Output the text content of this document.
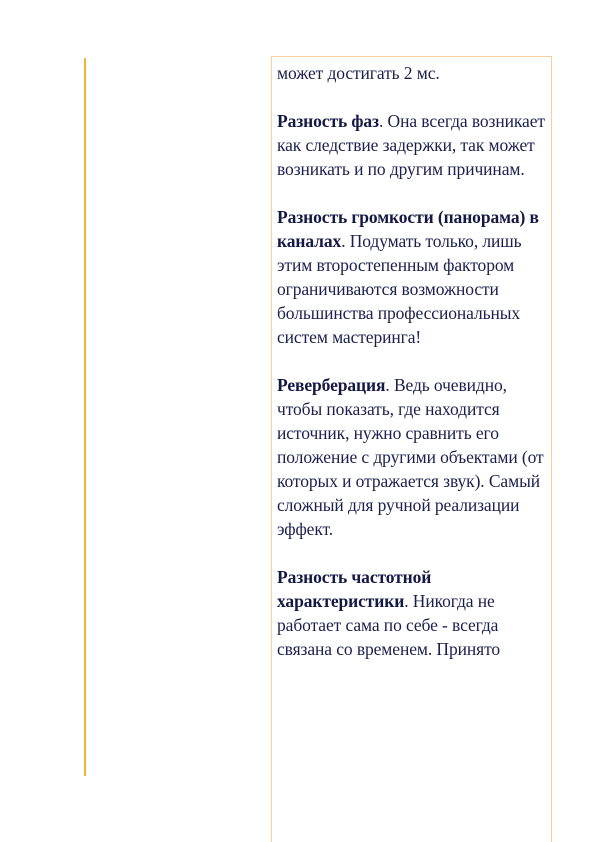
может достигать 2 мс.

Разность фаз. Она всегда возникает как следствие задержки, так может возникать и по другим причинам.

Разность громкости (панорама) в каналах. Подумать только, лишь этим второстепенным фактором ограничиваются возможности большинства профессиональных систем мастеринга!

Реверберация. Ведь очевидно, чтобы показать, где находится источник, нужно сравнить его положение с другими объектами (от которых и отражается звук). Самый сложный для ручной реализации эффект.

Разность частотной характеристики. Никогда не работает сама по себе - всегда связана со временем. Принято
